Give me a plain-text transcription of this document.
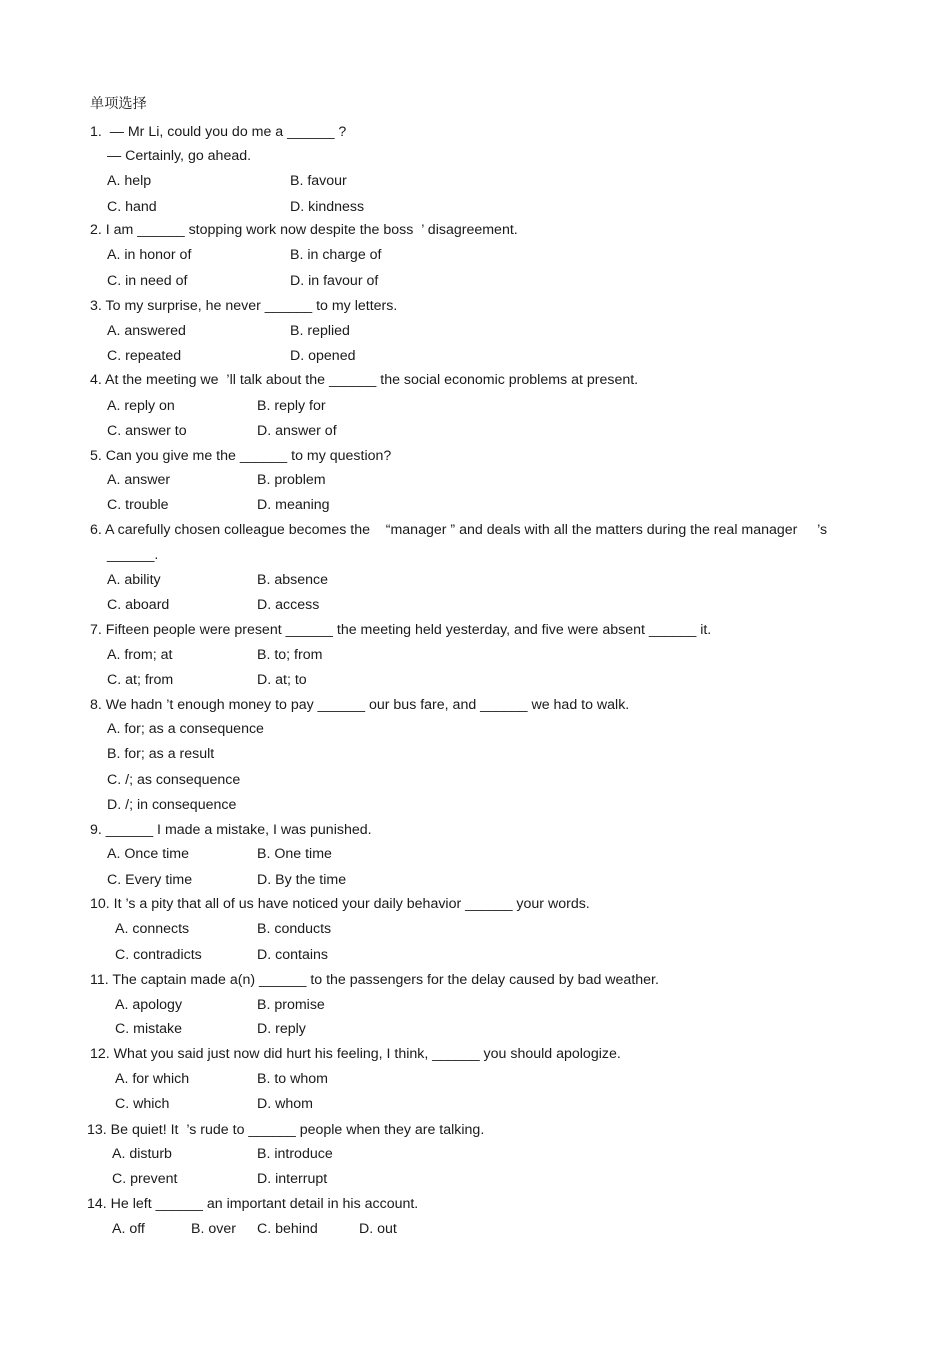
单项选择
1.  — Mr Li, could you do me a ______ ?
— Certainly, go ahead.
A. help	B. favour
C. hand	D. kindness
2. I am ______ stopping work now despite the boss  ’ disagreement.
A. in honor of	B. in charge of
C. in need of	D. in favour of
3. To my surprise, he never ______ to my letters.
A. answered	B. replied
C. repeated	D. opened
4. At the meeting we  ’ll talk about the ______ the social economic problems at present.
A. reply on	B. reply for
C. answer to	D. answer of
5. Can you give me the ______ to my question?
A. answer	B. problem
C. trouble	D. meaning
6. A carefully chosen colleague becomes the    “manager ” and deals with all the matters during the real manager     ’s
______.
A. ability	B. absence
C. aboard	D. access
7. Fifteen people were present ______ the meeting held yesterday, and five were absent ______ it.
A. from; at	B. to; from
C. at; from	D. at; to
8. We hadn ’t enough money to pay ______ our bus fare, and ______ we had to walk.
A. for; as a consequence
B. for; as a result
C. /; as consequence
D. /; in consequence
9. ______ I made a mistake, I was punished.
A. Once time	B. One time
C. Every time	D. By the time
10. It ’s a pity that all of us have noticed your daily behavior ______ your words.
A. connects	B. conducts
C. contradicts	D. contains
11. The captain made a(n) ______ to the passengers for the delay caused by bad weather.
A. apology	B. promise
C. mistake	D. reply
12. What you said just now did hurt his feeling, I think, ______ you should apologize.
A. for which	B. to whom
C. which	D. whom
13. Be quiet! It  ’s rude to ______ people when they are talking.
A. disturb	B. introduce
C. prevent	D. interrupt
14. He left ______ an important detail in his account.
A. off	B. over C. behind	D. out
